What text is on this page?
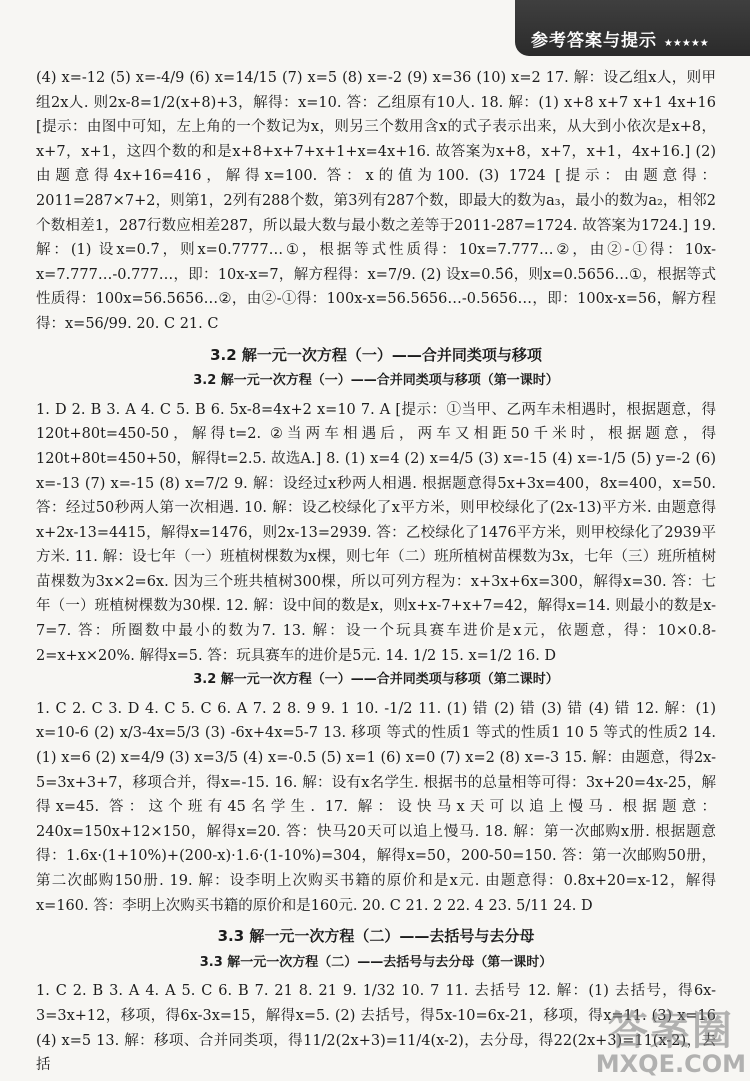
参考答案与提示 ★★★★★

(4) x=-12 (5) x=-4/9 (6) x=14/15 (7) x=5 (8) x=-2 (9) x=36 (10) x=2 17. 解：设乙组x人，则甲组2x人. 则2x-8=1/2(x+8)+3，解得：x=10. 答：乙组原有10人. 18. 解：(1) x+8 x+7 x+1 4x+16 [提示：由图中可知，左上角的一个数记为x，则另三个数用含x的式子表示出来，从大到小依次是x+8，x+7，x+1，这四个数的和是x+8+x+7+x+1+x=4x+16. 故答案为x+8，x+7，x+1，4x+16.] (2) 由题意得4x+16=416，解得x=100. 答：x的值为100. (3) 1724 [提示：由题意得：2011=287×7+2，则第1，2列有288个数，第3列有287个数，即最大的数为a₃，最小的数为a₂，相邻2个数相差1，287行数应相差287，所以最大数与最小数之差等于2011-287=1724. 故答案为1724.] 19. 解：(1) 设x=0.7̇，则x=0.7777…①，根据等式性质得：10x=7.777…②，由②-①得：10x-x=7.777…-0.777…，即：10x-x=7，解方程得：x=7/9. (2) 设x=0.5̇6̇，则x=0.5656…①，根据等式性质得：100x=56.5656…②，由②-①得：100x-x=56.5656…-0.5656…，即：100x-x=56，解方程得：x=56/99. 20. C 21. C

3.2 解一元一次方程（一）——合并同类项与移项
3.2 解一元一次方程（一）——合并同类项与移项（第一课时）

1. D 2. B 3. A 4. C 5. B 6. 5x-8=4x+2 x=10 7. A [提示：①当甲、乙两车未相遇时，根据题意，得120t+80t=450-50，解得t=2. ②当两车相遇后，两车又相距50千米时，根据题意，得120t+80t=450+50，解得t=2.5. 故选A.] 8. (1) x=4 (2) x=4/5 (3) x=-15 (4) x=-1/5 (5) y=-2 (6) x=-13 (7) x=-15 (8) x=7/2 9. 解：设经过x秒两人相遇. 根据题意得5x+3x=400，8x=400，x=50. 答：经过50秒两人第一次相遇. 10. 解：设乙校绿化了x平方米，则甲校绿化了(2x-13)平方米. 由题意得x+2x-13=4415，解得x=1476，则2x-13=2939. 答：乙校绿化了1476平方米，则甲校绿化了2939平方米. 11. 解：设七年（一）班植树棵数为x棵，则七年（二）班所植树苗棵数为3x，七年（三）班所植树苗棵数为3x×2=6x. 因为三个班共植树300棵，所以可列方程为：x+3x+6x=300，解得x=30. 答：七年（一）班植树棵数为30棵. 12. 解：设中间的数是x，则x+x-7+x+7=42，解得x=14. 则最小的数是x-7=7. 答：所圈数中最小的数为7. 13. 解：设一个玩具赛车进价是x元，依题意，得：10×0.8-2=x+x×20%. 解得x=5. 答：玩具赛车的进价是5元. 14. 1/2 15. x=1/2 16. D

3.2 解一元一次方程（一）——合并同类项与移项（第二课时）

1. C 2. C 3. D 4. C 5. C 6. A 7. 2 8. 9 9. 1 10. -1/2 11. (1) 错 (2) 错 (3) 错 (4) 错 12. 解：(1) x=10-6 (2) x/3-4x=5/3 (3) -6x+4x=5-7 13. 移项 等式的性质1 等式的性质1 10 5 等式的性质2 14. (1) x=6 (2) x=4/9 (3) x=3/5 (4) x=-0.5 (5) x=1 (6) x=0 (7) x=2 (8) x=-3 15. 解：由题意，得2x-5=3x+3+7，移项合并，得x=-15. 16. 解：设有x名学生. 根据书的总量相等可得：3x+20=4x-25，解得x=45. 答：这个班有45名学生. 17. 解：设快马x天可以追上慢马. 根据题意：240x=150x+12×150，解得x=20. 答：快马20天可以追上慢马. 18. 解：第一次邮购x册. 根据题意得：1.6x·(1+10%)+(200-x)·1.6·(1-10%)=304，解得x=50，200-50=150. 答：第一次邮购50册，第二次邮购150册. 19. 解：设李明上次购买书籍的原价和是x元. 由题意得：0.8x+20=x-12，解得x=160. 答：李明上次购买书籍的原价和是160元. 20. C 21. 2 22. 4 23. 5/11 24. D

3.3 解一元一次方程（二）——去括号与去分母
3.3 解一元一次方程（二）——去括号与去分母（第一课时）

1. C 2. B 3. A 4. A 5. C 6. B 7. 21 8. 21 9. 1/32 10. 7 11. 去括号 12. 解：(1) 去括号，得6x-3=3x+12，移项，得6x-3x=15，解得x=5. (2) 去括号，得5x-10=6x-21，移项，得x=11. (3) x=16 (4) x=5 13. 解：移项、合并同类项，得11/2(2x+3)=11/4(x-2)，去分母，得22(2x+3)=11(x-2)，去括

答案圈
MXQE.COM
